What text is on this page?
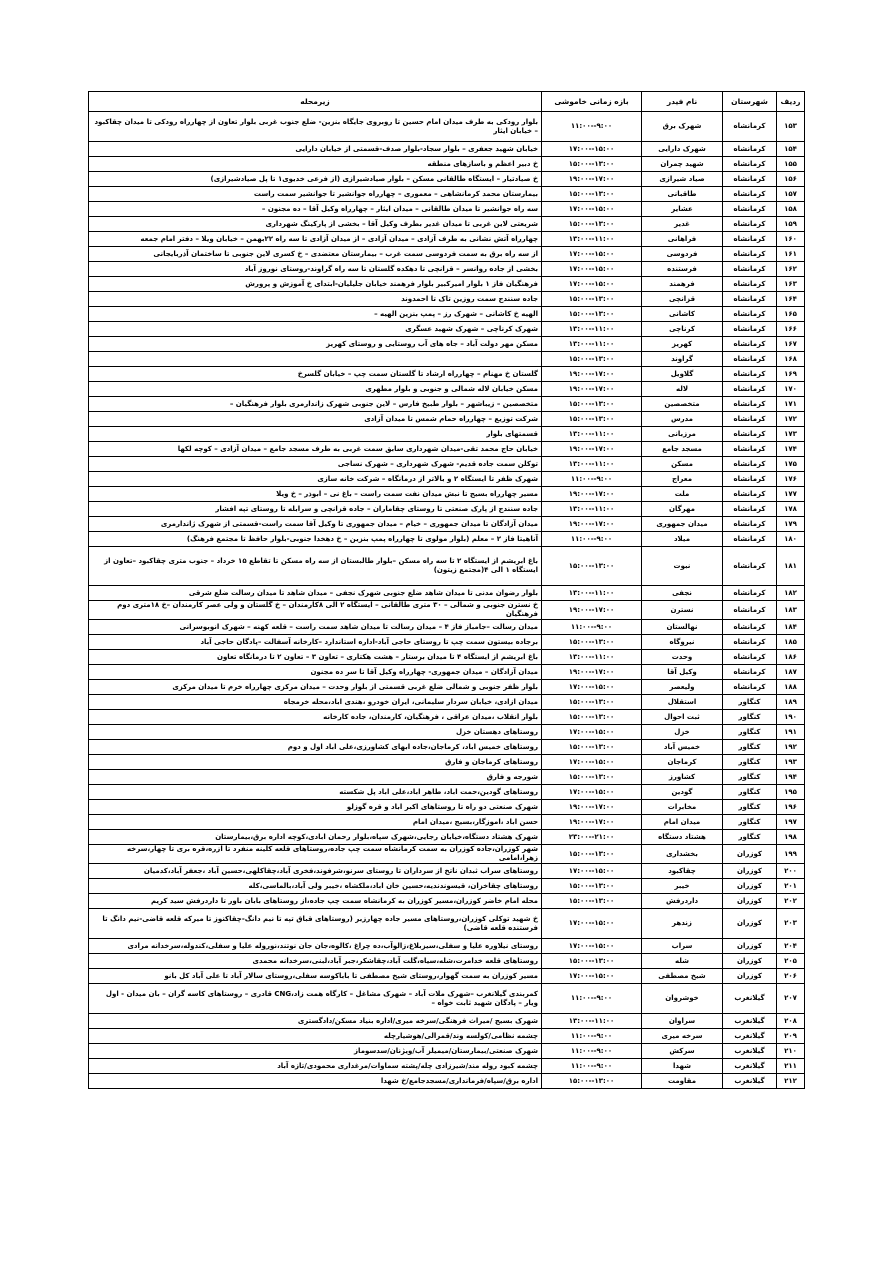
ردیف	شهرستان	نام فیدر	بازه زمانی خاموشی	زیرمحله
۱۵۳	کرمانشاه	شهرک برق	۹:۰۰--۱۱:۰۰	بلوار رودکی به طرف میدان امام حسین تا روبروی جایگاه بنزین- ضلع جنوب غربی بلوار تعاون از چهارراه رودکی تا میدان چقاکبود – خیابان ایثار
۱۵۴	کرمانشاه	شهرک دارایی	۱۵:۰۰--۱۷:۰۰	خیابان شهید جعفری – بلوار سجاد-بلوار صدف-قسمتی از خیابان دارایی
۱۵۵	کرمانشاه	شهید چمران	۱۳:۰۰--۱۵:۰۰	خ دبیر اعظم و باسازهای منطقه
۱۵۶	کرمانشاه	صیاد شیرازی	۱۷:۰۰--۱۹:۰۰	خ صیادتیار – ایستگاه طالقانی مسکن – بلوار صیادشیرازی (از فرعی خدیوی۱ تا پل صیادشیرازی)
۱۵۷	کرمانشاه	طاقبانی	۱۳:۰۰--۱۵:۰۰	بیمارستان محمد کرمانشاهی – معموری – چهارراه جوانشیر تا جوانشیر سمت راست
۱۵۸	کرمانشاه	عشایر	۱۵:۰۰--۱۷:۰۰	سه راه جوانشیر تا میدان طالقانی – میدان ایثار – چهارراه وکیل آقا – ده مجنون –
۱۵۹	کرمانشاه	غدیر	۱۳:۰۰--۱۵:۰۰	شریعتی لاین غربی تا میدان غدیر بطرف وکیل آقا – بخشی از پارکینگ شهرداری
۱۶۰	کرمانشاه	فراهانی	۱۱:۰۰--۱۳:۰۰	چهارراه آتش نشانی به طرف آزادی – میدان آزادی – از میدان آزادی تا سه راه ۲۲بهمن – خیابان ویلا – دفتر امام جمعه
۱۶۱	کرمانشاه	فردوسی	۱۵:۰۰--۱۷:۰۰	از سه راه برق به سمت فردوسی سمت غرب – بیمارستان معتضدی – خ کسری لاین جنوبی تا ساختمان آذربایجانی
۱۶۲	کرمانشاه	فرستنده	۱۵:۰۰--۱۷:۰۰	بخشی از جاده روانسر – قزانچی تا دهکده گلستان تا سه راه گراوند-روستای نوروز آباد
۱۶۳	کرمانشاه	فرهمند	۱۵:۰۰--۱۷:۰۰	فرهنگیان فاز ۱ بلوار امیرکبیر بلوار فرهمند خیابان جلیلیان-ابتدای خ آموزش و پرورش
۱۶۴	کرمانشاه	قزانچی	۱۳:۰۰--۱۵:۰۰	جاده سنندج سمت روزین تاک تا احمدوند
۱۶۵	کرمانشاه	کاشانی	۱۳:۰۰--۱۵:۰۰	الهیه خ کاشانی – شهرک رز – پمپ بنزین الهیه –
۱۶۶	کرمانشاه	کرناچی	۱۱:۰۰--۱۳:۰۰	شهرک کرناچی – شهرک شهید عسگری
۱۶۷	کرمانشاه	کهریز	۱۱:۰۰--۱۳:۰۰	مسکن مهر دولت آباد – جاه های آب روستایی و روستای کهریز
۱۶۸	کرمانشاه	گراوند	۱۳:۰۰--۱۵:۰۰	
۱۶۹	کرمانشاه	گلاویل	۱۷:۰۰--۱۹:۰۰	گلستان خ مهنام – چهارراه ارشاد تا گلستان سمت چپ – خیابان گلسرخ
۱۷۰	کرمانشاه	لاله	۱۷:۰۰--۱۹:۰۰	مسکن خیابان لاله شمالی و جنوبی و بلوار مطهری
۱۷۱	کرمانشاه	متخصصین	۱۳:۰۰--۱۵:۰۰	متخصصین – زیباشهر – بلوار طبیخ فارس – لاین جنوبی شهرک زاندارمری بلوار فرهنگیان –
۱۷۲	کرمانشاه	مدرس	۱۳:۰۰--۱۵:۰۰	شرکت توزیع – چهارراه حمام شمس تا میدان آزادی
۱۷۳	کرمانشاه	مرزبانی	۱۱:۰۰--۱۳:۰۰	قسمتهای بلوار
۱۷۴	کرمانشاه	مسجد جامع	۱۷:۰۰--۱۹:۰۰	خیابان حاج محمد تقی-میدان شهرداری سابق سمت غربی به طرف مسجد جامع – میدان آزادی – کوچه لکها
۱۷۵	کرمانشاه	مسکن	۱۱:۰۰--۱۳:۰۰	توکلن سمت جاده قدیم- شهرک شهرداری – شهرک نساجی
۱۷۶	کرمانشاه	معراج	۹:۰۰--۱۱:۰۰	شهرک ظفر تا ایستگاه ۲ و بالاتر از درمانگاه – شرکت خانه سازی
۱۷۷	کرمانشاه	ملت	۱۷:۰۰--۱۹:۰۰	مسیر چهارراه بسیج تا نبش میدان نفت سمت راست – باغ نی – ابوذر – خ ویلا
۱۷۸	کرمانشاه	مهرگان	۱۱:۰۰--۱۳:۰۰	جاده سنندج از پارک صنعتی تا روستای چقاماران – جاده قزانچی و سرابله تا روستای تپه افشار
۱۷۹	کرمانشاه	میدان جمهوری	۱۷:۰۰--۱۹:۰۰	میدان آزادگان تا میدان جمهوری – خیام – میدان جمهوری تا وکیل آقا سمت راست-قسمتی از شهرک ژاندارمری
۱۸۰	کرمانشاه	میلاد	۹:۰۰--۱۱:۰۰	آناهیتا فاز ۲ – معلم (بلوار مولوی تا چهارراه پمپ بنزین – خ دهخدا جنوبی-بلوار حافظ تا مجتمع فرهنگ)
۱۸۱	کرمانشاه	نبوت	۱۳:۰۰--۱۵:۰۰	باغ ابریشم از ایستگاه ۲ تا سه راه مسکن –بلوار طالبستان از سه راه مسکن تا تقاطع ۱۵ خرداد – جنوب متری چقاکبود –تعاون از ایستگاه ۱ الی ۴(مجتمع زیتون)
۱۸۲	کرمانشاه	نجفی	۱۱:۰۰--۱۳:۰۰	بلوار رضوان مدنی تا میدان شاهد ضلع جنوبی شهرک نجفی – میدان شاهد تا میدان رسالت ضلع شرقی
۱۸۳	کرمانشاه	نسترن	۱۷:۰۰--۱۹:۰۰	خ نسترن جنوبی و شمالی – ۳۰ متری طالقانی – ایستگاه ۲ الی ۸کارمندان – خ گلستان و ولی عصر کارمندان –خ ۱۸متری دوم فرهنگیان
۱۸۴	کرمانشاه	نهالستان	۹:۰۰--۱۱:۰۰	میدان رسالت –جامباز فاز ۴ – میدان رسالت تا میدان شاهد سمت راست – قلعه کهنه – شهرک انوبوسرانی
۱۸۵	کرمانشاه	نیروگاه	۱۳:۰۰--۱۵:۰۰	برجاده بیستون سمت چپ تا روستای حاجی آباد-اداره استاندارد –کارخانه آسفالت –پادگان حاجی آباد
۱۸۶	کرمانشاه	وحدت	۱۱:۰۰--۱۳:۰۰	باغ ابریشم از ایستگاه ۴ تا میدان برستار – هشت هکتاری – تعاون ۳ – تعاون ۲ تا درمانگاه تعاون
۱۸۷	کرمانشاه	وکیل آقا	۱۷:۰۰--۱۹:۰۰	میدان آزادگان – میدان جمهوری- چهارراه وکیل آقا تا سر ده مجنون
۱۸۸	کرمانشاه	ولیعصر	۱۵:۰۰--۱۷:۰۰	بلوار ظفر جنوبی و شمالی ضلع غربی قسمتی از بلوار وحدت – میدان مرکزی چهارراه خرم تا میدان مرکزی
۱۸۹	کنگاور	استقلال	۱۳:۰۰--۱۵:۰۰	میدان ازادی، خیابان سردار سلیمانی، ایران خودرو ،هندی اباد،محله خرمجاه
۱۹۰	کنگاور	ثبت احوال	۱۳:۰۰--۱۵:۰۰	بلوار انقلاب ،میدان عراقی ، فرهنگیان، کارمندان، جاده کارخانه
۱۹۱	کنگاور	خزل	۱۵:۰۰--۱۷:۰۰	روستاهای دهستان خزل
۱۹۲	کنگاور	خمیس آباد	۱۳:۰۰--۱۵:۰۰	روستاهای خمیس اباد، کرماجان،جاده ابهای کشاورزی،علی اباد اول و دوم
۱۹۳	کنگاور	کرماجان	۱۵:۰۰--۱۷:۰۰	روستاهای کرماجان و فارق
۱۹۴	کنگاور	کشاورز	۱۳:۰۰--۱۵:۰۰	شورجه و فارق
۱۹۵	کنگاور	گودین	۱۵:۰۰--۱۷:۰۰	روستاهای گودین،حمت اباد، طاهر اباد،علی اباد پل شکسته
۱۹۶	کنگاور	مخابرات	۱۷:۰۰--۱۹:۰۰	شهرک صنعتی دو راه تا روستاهای اکبر اباد و قره گوزلو
۱۹۷	کنگاور	میدان امام	۱۷:۰۰--۱۹:۰۰	حسن اباد ،اموزگار،بسیج ،میدان امام
۱۹۸	کنگاور	هشتاد دستگاه	۲۱:۰۰--۲۳:۰۰	شهرک هشتاد دستگاه،خیابان رجایی،شهرک سپاه،بلوار رحمان ابادی،کوچه اداره برق،بیمارستان
۱۹۹	کوزران	بخشداری	۱۳:۰۰--۱۵:۰۰	شهر کوزران،جاده کوزران به سمت کرمانشاه سمت چپ جاده،روستاهای قلعه کلینه منفرد تا ازره،قره بری تا چهار،سرخه زهرا،امامی
۲۰۰	کوزران	چقاکبود	۱۵:۰۰--۱۷:۰۰	روستاهای سراب ثبدان ناتخ از سرداران تا روستای سرنو،شرفوند،فخری آباد،چقاکلهی،حسین آباد ،جعفر آباد،کدمیان
۲۰۱	کوزران	خیبر	۱۳:۰۰--۱۵:۰۰	روستاهای چقاخزان، قیسوندندیه،حسین خان اباد،ملکشاه ،خیبر ولی آباد،بالماسی،کله
۲۰۲	کوزران	داردرفش	۱۳:۰۰--۱۵:۰۰	محله امام خاضر کوزران،مسیر کوزران به کرمانشاه سمت چپ جاده،از روستاهای بابان باور تا داردرفش سید کریم
۲۰۳	کوزران	زندهر	۱۵:۰۰--۱۷:۰۰	خ شهید توکلی کوزران،روستاهای مسیر جاده چهارزبر (روستاهای قباق تپه تا نیم دانگ-چقاکنوز تا میرکه قلعه قاضی-نیم دانگ تا فرستنده قلعه قاضی)
۲۰۴	کوزران	سراب	۱۵:۰۰--۱۷:۰۰	روستای نیلاوره علیا و سفلی،سیزبلاغ،زالوآب،ده چراغ ،کالوه،جان جان نوتند،نوروله علیا و سفلی،کندوله،سرخدانه مرادی
۲۰۵	کوزران	شله	۱۳:۰۰--۱۵:۰۰	روستاهای قلعه خدامرت،شله،سیاه،گلت آباد،چقاشکر،جبر آباد،لبنی،سرخدانه محمدی
۲۰۶	کوزران	شیخ مصطفی	۱۵:۰۰--۱۷:۰۰	مسیر کوزران به سمت گهوار،روستای شیخ مصطفی تا باباکوسه سفلی،روستای سالار آباد تا علی آباد کل بانو
۲۰۷	گیلانغرب	خوشروان	۹:۰۰--۱۱:۰۰	کمربندی گیلانغرب –شهرک ملات آباد – شهرک مشاغل – کارگاه همت زاد،CNG قادری – روستاهای کاسه گران – بان میدان - اول ویار – پادگان شهید ثابت خواه –
۲۰۸	گیلانغرب	سراوان	۱۱:۰۰--۱۳:۰۰	شهرک بسیج /میراث فرهنگی/سرخه میری/اداره بنیاد مسکن/دادگستری
۲۰۹	گیلانغرب	سرخه میری	۹:۰۰--۱۱:۰۰	چشمه نظامی/کولسه وند/قمرالی/هوشیارچله
۲۱۰	گیلانغرب	سرکش	۹:۰۰--۱۱:۰۰	شهرک صنعتی/بیمارستان/میمیلز آب/ویژنان/سدسوماز
۲۱۱	گیلانغرب	شهدا	۹:۰۰--۱۱:۰۰	چشمه کبود روله مند/شیرزادی چله/پشته سماوات/مرغداری محمودی/تازه آباد
۲۱۲	گیلانغرب	مقاومت	۱۳:۰۰--۱۵:۰۰	اداره برق/سپاه/فرمانداری/مسجدجامع/خ شهدا
